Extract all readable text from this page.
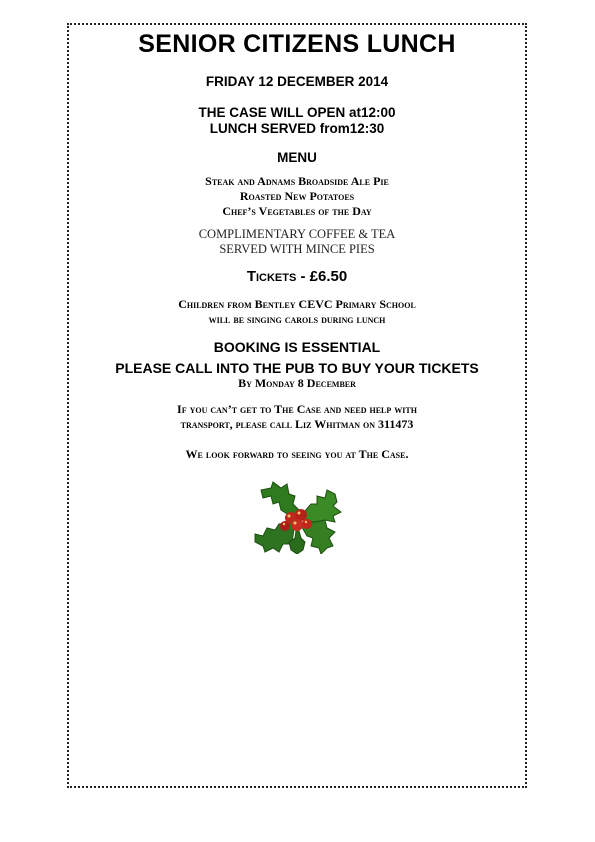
SENIOR CITIZENS LUNCH
FRIDAY 12 DECEMBER 2014
THE CASE WILL OPEN at12:00
LUNCH SERVED from12:30
MENU
Steak and Adnams Broadside Ale Pie
Roasted New Potatoes
Chef’s Vegetables of the Day
COMPLIMENTARY COFFEE & TEA
SERVED WITH MINCE PIES
Tickets - £6.50
Children from Bentley CEVC Primary School
will be singing carols during lunch
BOOKING IS ESSENTIAL
PLEASE CALL INTO THE PUB TO BUY YOUR TICKETS
By Monday 8 December
If you can’t get to The Case and need help with
transport, please call Liz Whitman on 311473
We look forward to seeing you at The Case.
